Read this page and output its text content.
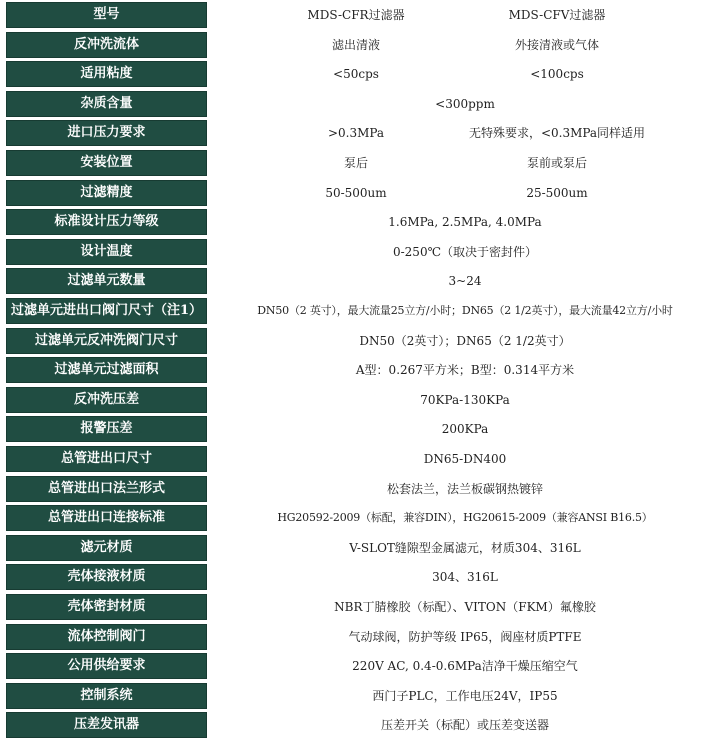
型号	MDS-CFR过滤器	MDS-CFV过滤器
反冲洗流体	滤出清液	外接清液或气体
适用粘度	<50cps	<100cps
杂质含量	<300ppm
进口压力要求	>0.3MPa	无特殊要求，<0.3MPa同样适用
安装位置	泵后	泵前或泵后
过滤精度	50-500um	25-500um
标准设计压力等级	1.6MPa, 2.5MPa, 4.0MPa
设计温度	0-250℃（取决于密封件）
过滤单元数量	3~24
过滤单元进出口阀门尺寸（注1）	DN50（2 英寸），最大流量25立方/小时；DN65（2 1/2英寸），最大流量42立方/小时
过滤单元反冲洗阀门尺寸	DN50（2英寸）；DN65（2 1/2英寸）
过滤单元过滤面积	A型：0.267平方米；B型：0.314平方米
反冲洗压差	70KPa-130KPa
报警压差	200KPa
总管进出口尺寸	DN65-DN400
总管进出口法兰形式	松套法兰，法兰板碳钢热镀锌
总管进出口连接标准	HG20592-2009（标配，兼容DIN），HG20615-2009（兼容ANSI B16.5）
滤元材质	V-SLOT缝隙型金属滤元，材质304、316L
壳体接液材质	304、316L
壳体密封材质	NBR丁腈橡胶（标配）、VITON（FKM）氟橡胶
流体控制阀门	气动球阀，防护等级 IP65，阀座材质PTFE
公用供给要求	220V AC, 0.4-0.6MPa洁净干燥压缩空气
控制系统	西门子PLC，工作电压24V，IP55
压差发讯器	压差开关（标配）或压差变送器
